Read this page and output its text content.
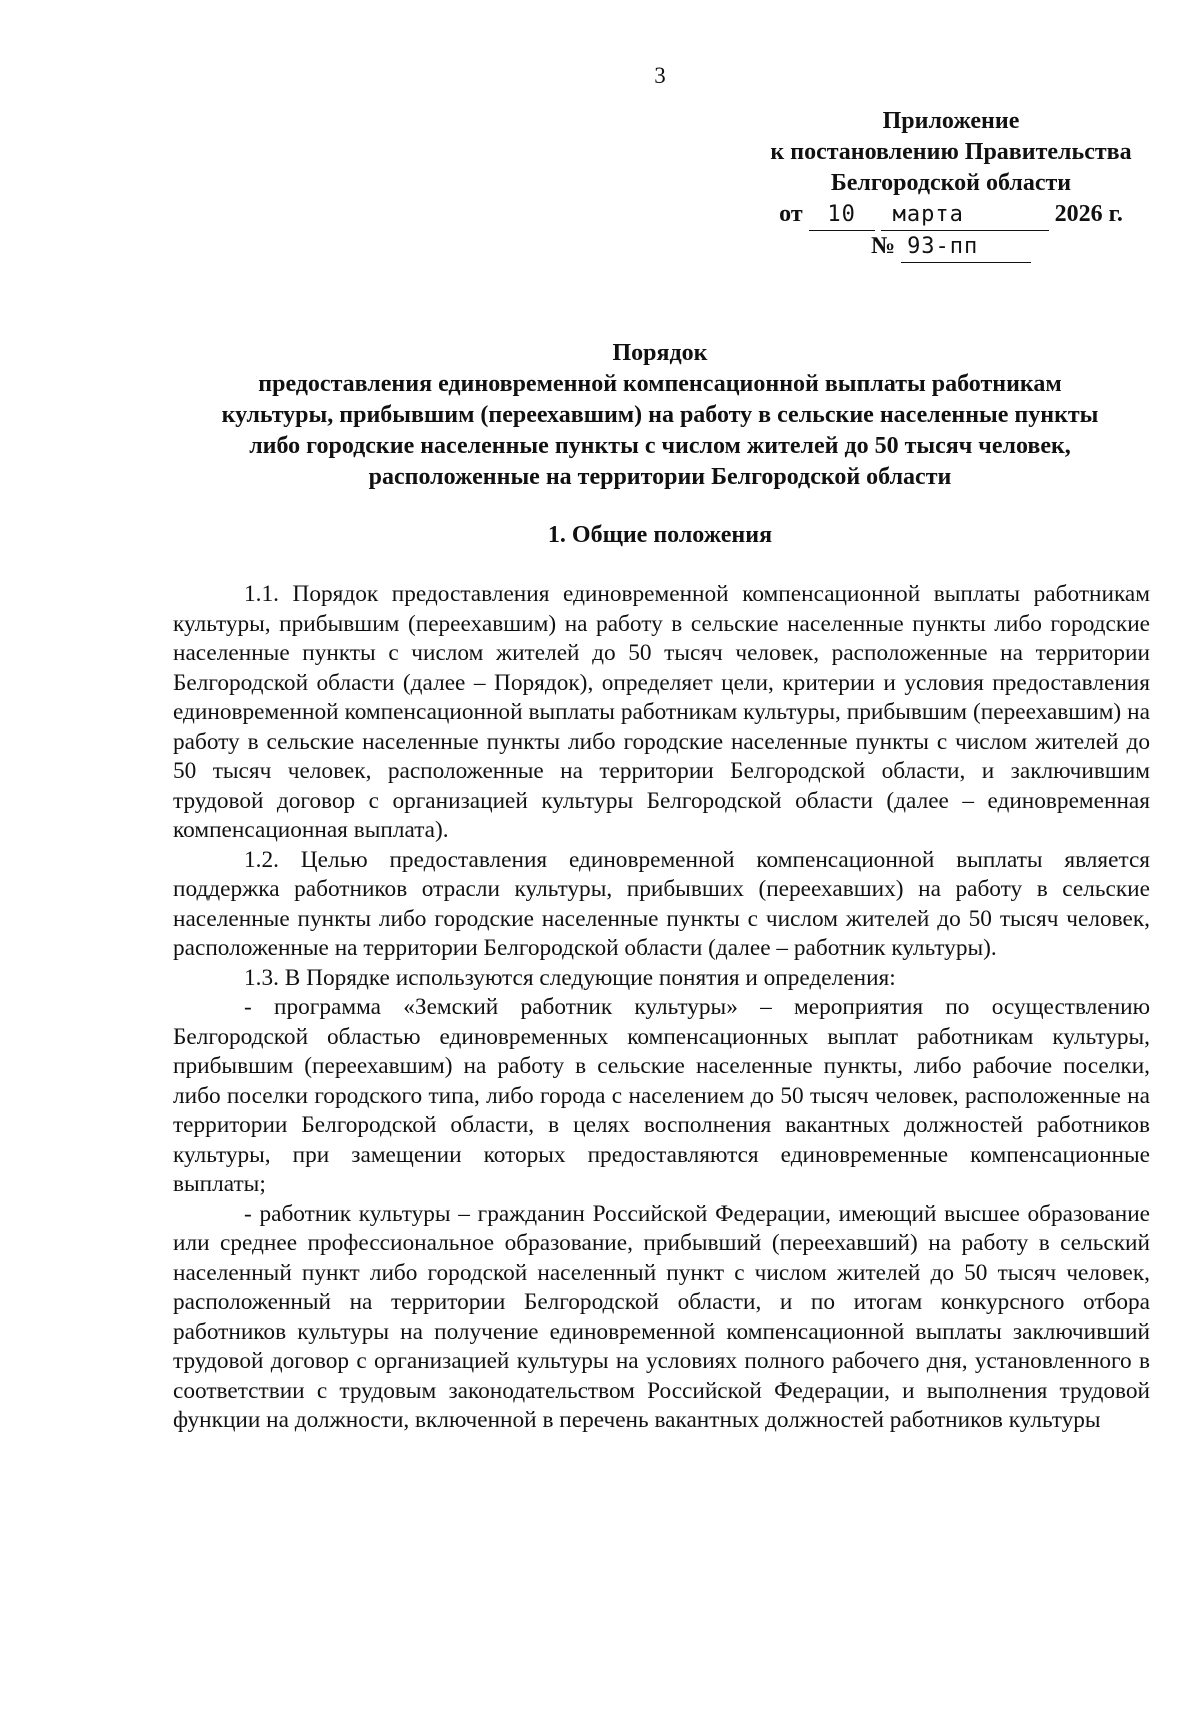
3
Приложение
к постановлению Правительства
Белгородской области
от 10 марта	2026 г.
№ 93-пп
Порядок
предоставления единовременной компенсационной выплаты работникам
культуры, прибывшим (переехавшим) на работу в сельские населенные пункты
либо городские населенные пункты с числом жителей до 50 тысяч человек,
расположенные на территории Белгородской области
1. Общие положения

1.1. Порядок предоставления единовременной компенсационной выплаты работникам культуры, прибывшим (переехавшим) на работу в сельские населенные пункты либо городские населенные пункты с числом жителей до 50 тысяч человек, расположенные на территории Белгородской области (далее – Порядок), определяет цели, критерии и условия предоставления единовременной компенсационной выплаты работникам культуры, прибывшим (переехавшим) на работу в сельские населенные пункты либо городские населенные пункты с числом жителей до 50 тысяч человек, расположенные на территории Белгородской области, и заключившим трудовой договор с организацией культуры Белгородской области (далее – единовременная компенсационная выплата).

1.2. Целью предоставления единовременной компенсационной выплаты является поддержка работников отрасли культуры, прибывших (переехавших) на работу в сельские населенные пункты либо городские населенные пункты с числом жителей до 50 тысяч человек, расположенные на территории Белгородской области (далее – работник культуры).

1.3. В Порядке используются следующие понятия и определения:

- программа «Земский работник культуры» – мероприятия по осуществлению Белгородской областью единовременных компенсационных выплат работникам культуры, прибывшим (переехавшим) на работу в сельские населенные пункты, либо рабочие поселки, либо поселки городского типа, либо города с населением до 50 тысяч человек, расположенные на территории Белгородской области, в целях восполнения вакантных должностей работников культуры, при замещении которых предоставляются единовременные компенсационные выплаты;

- работник культуры – гражданин Российской Федерации, имеющий высшее образование или среднее профессиональное образование, прибывший (переехавший) на работу в сельский населенный пункт либо городской населенный пункт с числом жителей до 50 тысяч человек, расположенный на территории Белгородской области, и по итогам конкурсного отбора работников культуры на получение единовременной компенсационной выплаты заключивший трудовой договор с организацией культуры на условиях полного рабочего дня, установленного в соответствии с трудовым законодательством Российской Федерации, и выполнения трудовой функции на должности, включенной в перечень вакантных должностей работников культуры
